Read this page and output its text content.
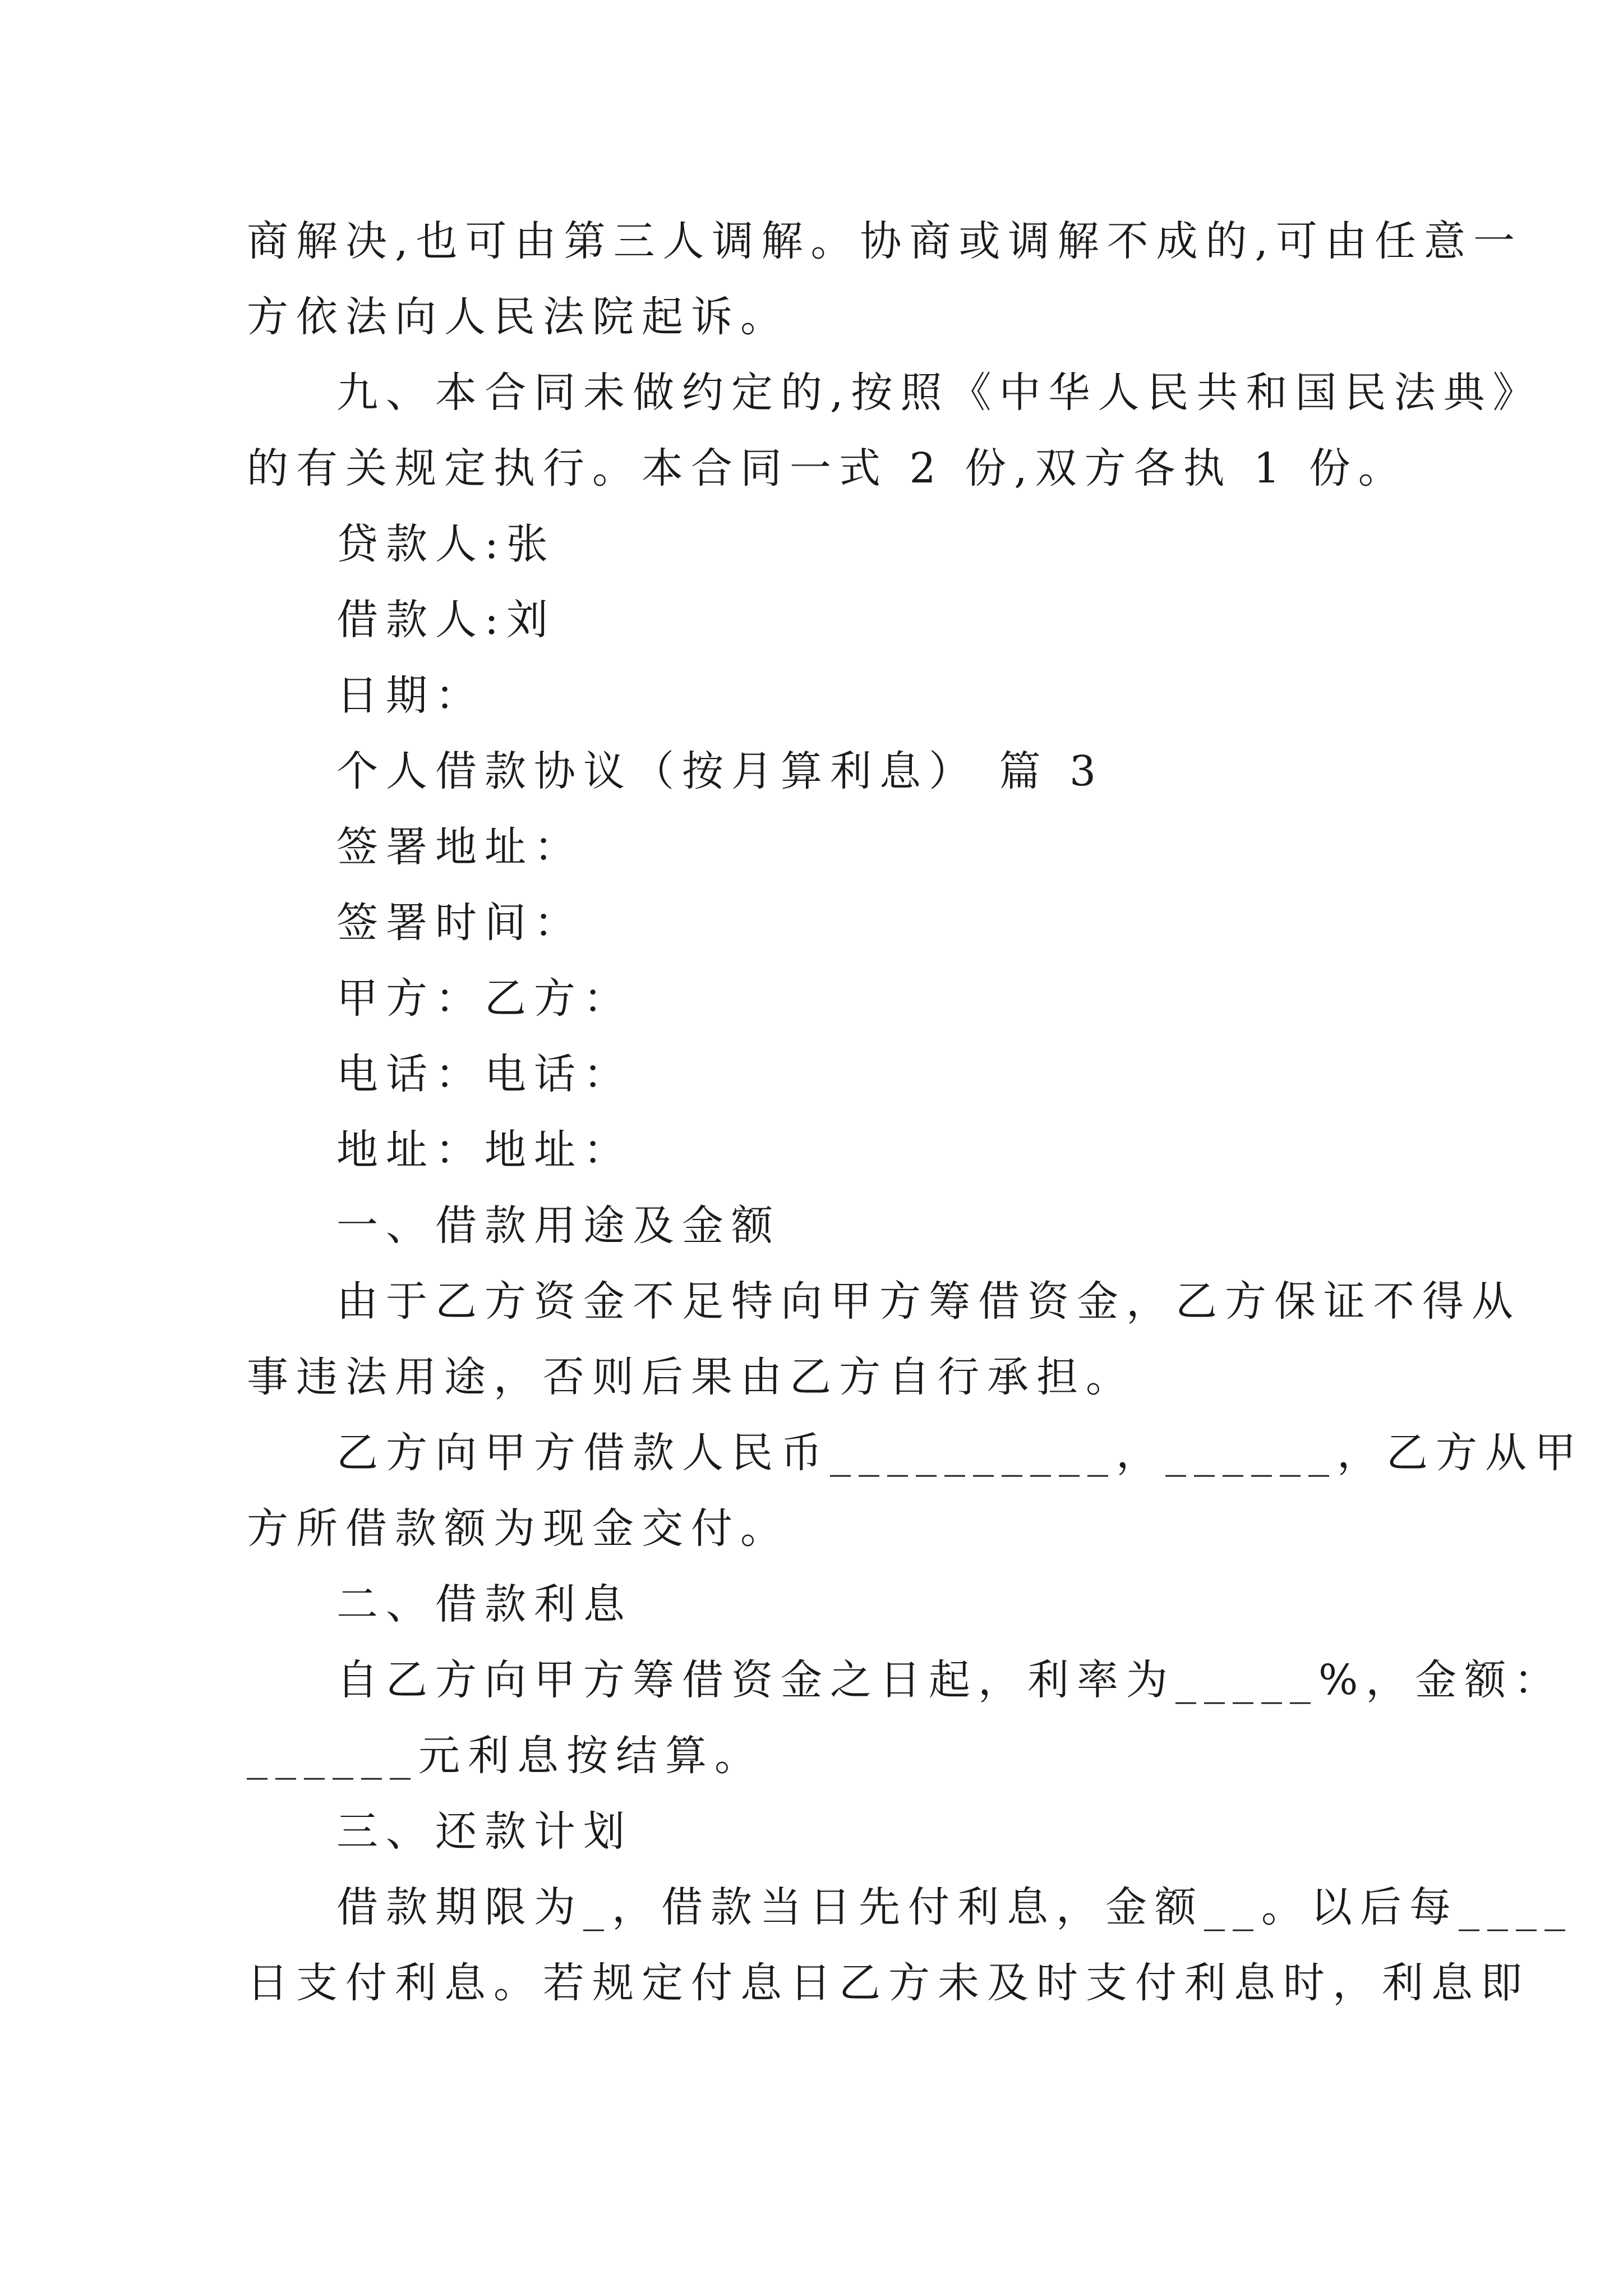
商解决,也可由第三人调解。协商或调解不成的,可由任意一
方依法向人民法院起诉。
九、本合同未做约定的,按照《中华人民共和国民法典》
的有关规定执行。本合同一式 2 份,双方各执 1 份。
贷款人:张
借款人:刘
日期：
个人借款协议（按月算利息） 篇 3
签署地址：
签署时间：
甲方：乙方：
电话：电话：
地址：地址：
一、借款用途及金额
由于乙方资金不足特向甲方筹借资金，乙方保证不得从
事违法用途，否则后果由乙方自行承担。
乙方向甲方借款人民币__________，______，乙方从甲
方所借款额为现金交付。
二、借款利息
自乙方向甲方筹借资金之日起，利率为_____%，金额：
______元利息按结算。
三、还款计划
借款期限为_，借款当日先付利息，金额__。以后每____
日支付利息。若规定付息日乙方未及时支付利息时，利息即
